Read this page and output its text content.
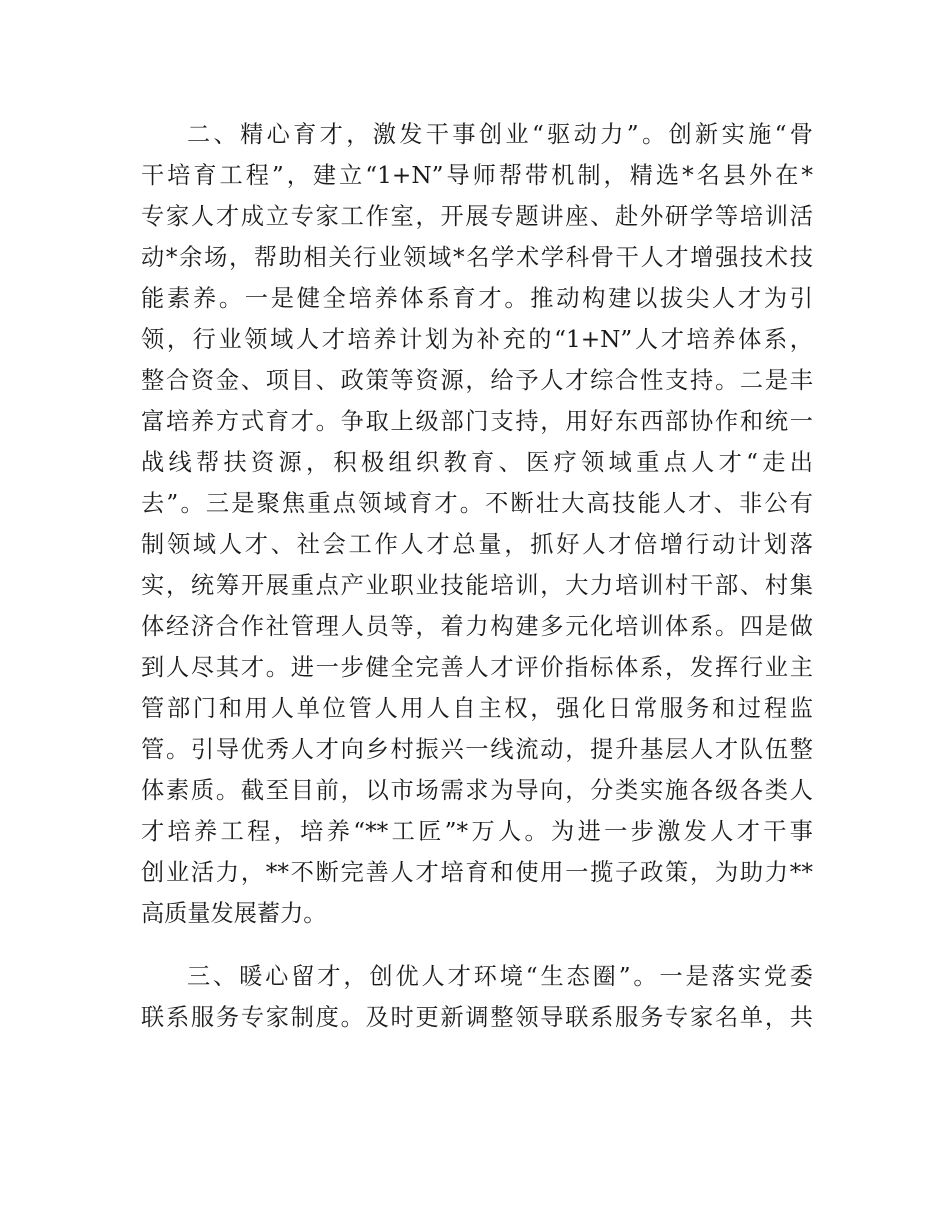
二、精心育才，激发干事创业“驱动力”。创新实施“骨
干培育工程”，建立“1+N”导师帮带机制，精选*名县外在*
专家人才成立专家工作室，开展专题讲座、赴外研学等培训活
动*余场，帮助相关行业领域*名学术学科骨干人才增强技术技
能素养。一是健全培养体系育才。推动构建以拔尖人才为引
领，行业领域人才培养计划为补充的“1+N”人才培养体系，
整合资金、项目、政策等资源，给予人才综合性支持。二是丰
富培养方式育才。争取上级部门支持，用好东西部协作和统一
战线帮扶资源，积极组织教育、医疗领域重点人才“走出
去”。三是聚焦重点领域育才。不断壮大高技能人才、非公有
制领域人才、社会工作人才总量，抓好人才倍增行动计划落
实，统筹开展重点产业职业技能培训，大力培训村干部、村集
体经济合作社管理人员等，着力构建多元化培训体系。四是做
到人尽其才。进一步健全完善人才评价指标体系，发挥行业主
管部门和用人单位管人用人自主权，强化日常服务和过程监
管。引导优秀人才向乡村振兴一线流动，提升基层人才队伍整
体素质。截至目前，以市场需求为导向，分类实施各级各类人
才培养工程，培养“**工匠”*万人。为进一步激发人才干事
创业活力，**不断完善人才培育和使用一揽子政策，为助力**
高质量发展蓄力。
三、暖心留才，创优人才环境“生态圈”。一是落实党委
联系服务专家制度。及时更新调整领导联系服务专家名单，共
